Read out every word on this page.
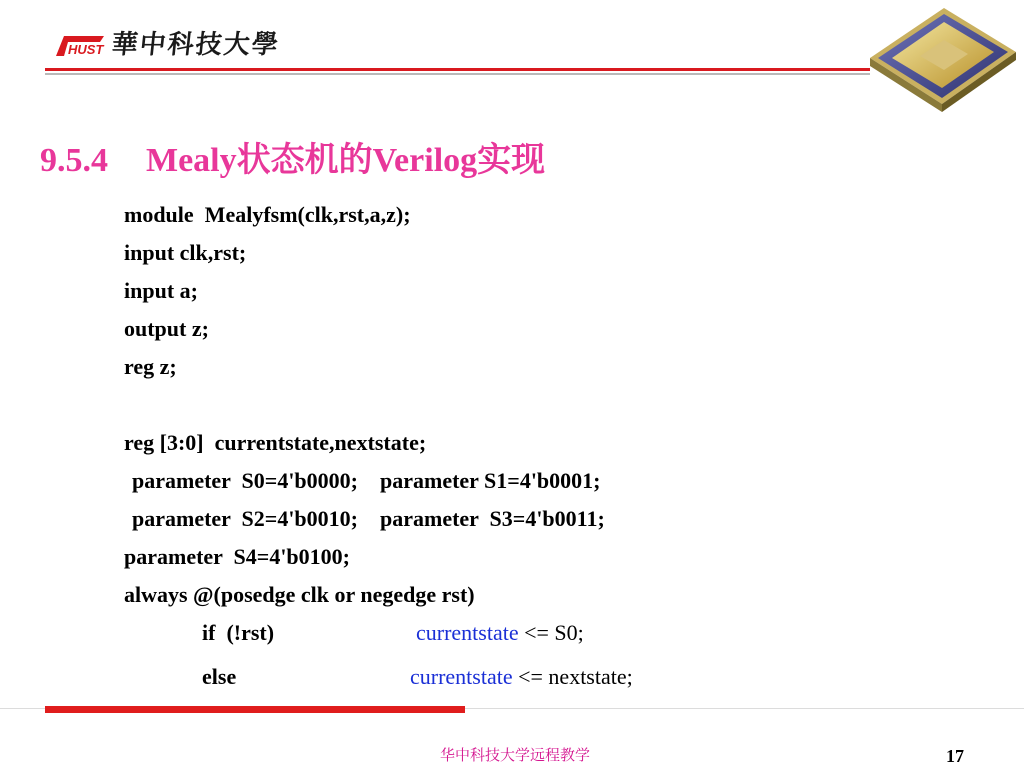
HUST 華中科技大學
9.5.4 Mealy状态机的Verilog实现
module  Mealyfsm(clk,rst,a,z);
input clk,rst;
input a;
output z;
reg z;
reg [3:0]  currentstate,nextstate;
parameter  S0=4'b0000;    parameter S1=4'b0001;
parameter  S2=4'b0010;    parameter  S3=4'b0011;
parameter  S4=4'b0100;
always @(posedge clk or negedge rst)
if  (!rst)	currentstate <= S0;
else	currentstate <= nextstate;
华中科技大学远程教学	17
